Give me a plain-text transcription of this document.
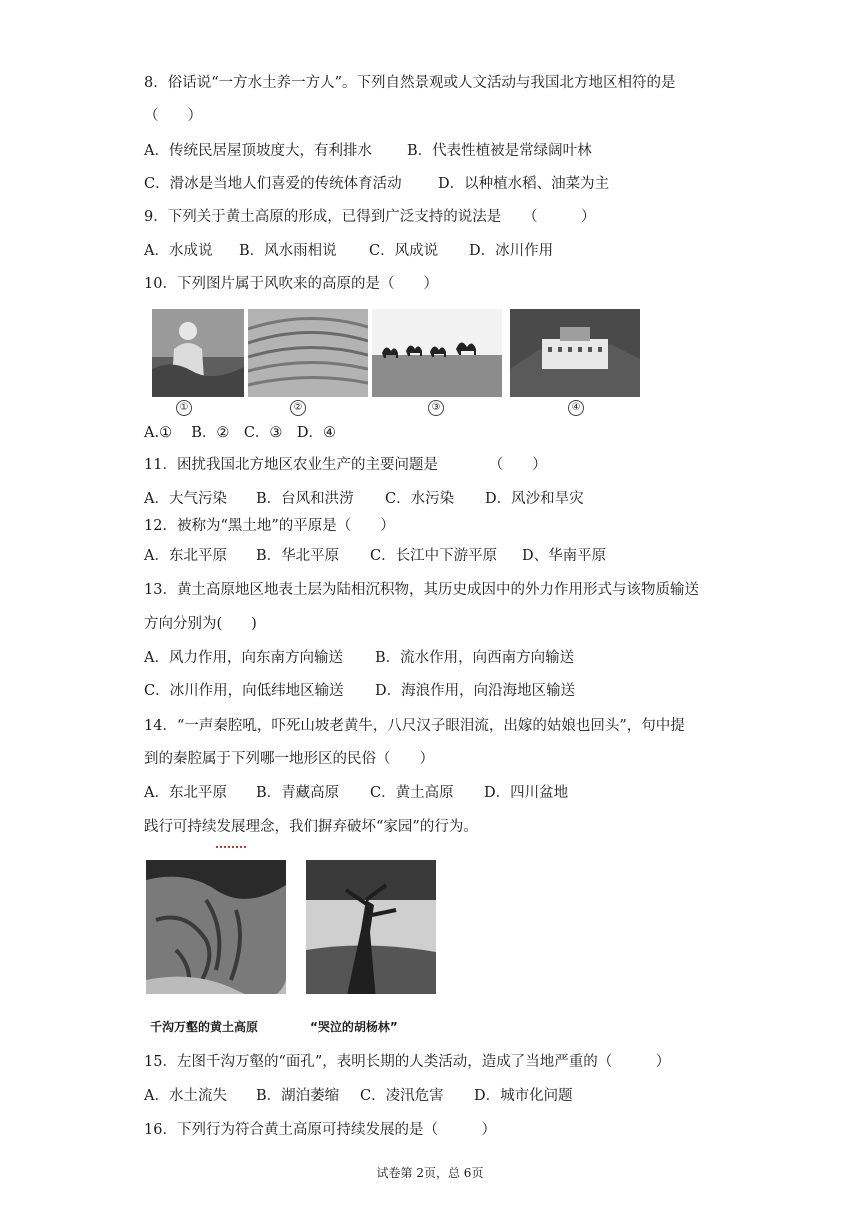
8．俗话说“一方水土养一方人”。下列自然景观或人文活动与我国北方地区相符的是
（　　）
A．传统民居屋顶坡度大，有利排水 B．代表性植被是常绿阔叶林
C．滑冰是当地人们喜爱的传统体育活动	D．以种植水稻、油菜为主
9．下列关于黄土高原的形成，已得到广泛支持的说法是　　（　　　）
A．水成说 B．风水雨相说 C．风成说 D．冰川作用
10．下列图片属于风吹来的高原的是（　　）
①	②	③	④
A.①　 B．②　C．③　D．④
11．困扰我国北方地区农业生产的主要问题是　　　　（　　）
A．大气污染 B．台风和洪涝 C．水污染 D．风沙和旱灾
12．被称为“黑土地”的平原是（　　）
A．东北平原 B．华北平原 C．长江中下游平原 D、华南平原
13．黄土高原地区地表土层为陆相沉积物，其历史成因中的外力作用形式与该物质输送
方向分别为(　　)
A．风力作用，向东南方向输送 B．流水作用，向西南方向输送
C．冰川作用，向低纬地区输送 D．海浪作用，向沿海地区输送
14．“一声秦腔吼，吓死山坡老黄牛，八尺汉子眼泪流，出嫁的姑娘也回头”，句中提
到的秦腔属于下列哪一地形区的民俗（　　）
A．东北平原 B．青藏高原 C．黄土高原 D．四川盆地
践行可持续发展理念，我们摒弃破坏“家园”的行为。
千沟万壑的黄土高原	“哭泣的胡杨林”
15．左图千沟万壑的“面孔”，表明长期的人类活动，造成了当地严重的（　　　）
A．水土流失 B．湖泊萎缩 C．凌汛危害 D．城市化问题
16．下列行为符合黄土高原可持续发展的是（　　　）
试卷第 2页，总 6页
